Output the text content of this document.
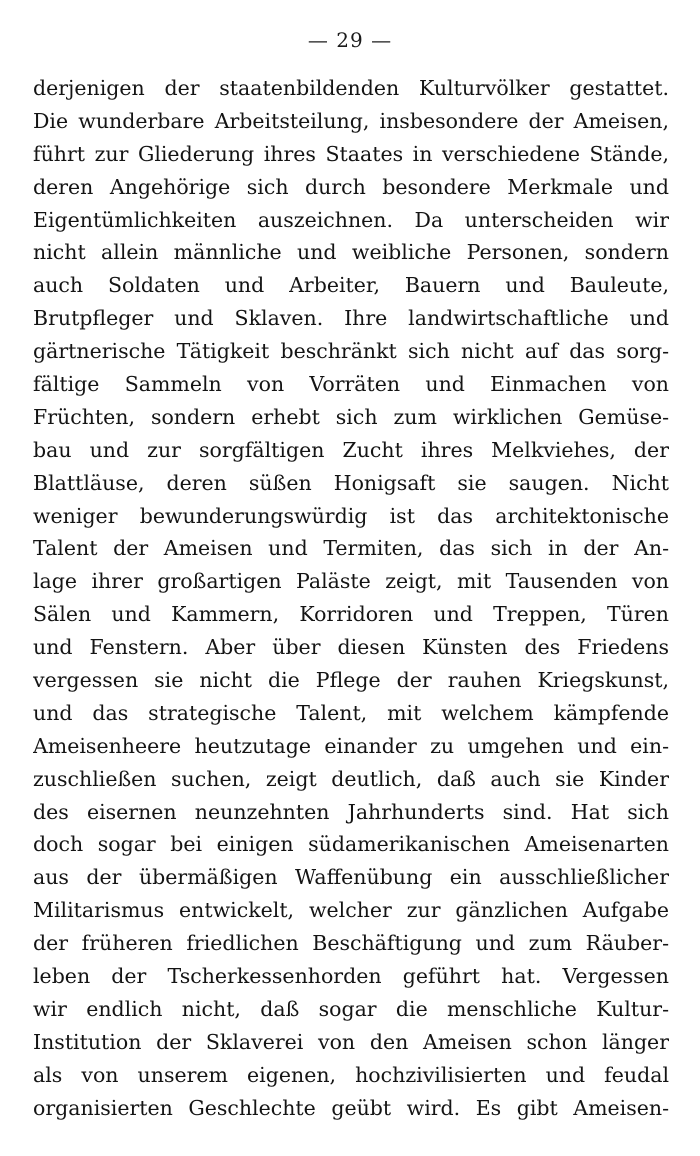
— 29 —
derjenigen der staatenbildenden Kulturvölker gestattet.
Die wunderbare Arbeitsteilung, insbesondere der Ameisen,
führt zur Gliederung ihres Staates in verschiedene Stände,
deren Angehörige sich durch besondere Merkmale und
Eigentümlichkeiten auszeichnen. Da unterscheiden wir
nicht allein männliche und weibliche Personen, sondern
auch Soldaten und Arbeiter, Bauern und Bauleute,
Brutpfleger und Sklaven. Ihre landwirtschaftliche und
gärtnerische Tätigkeit beschränkt sich nicht auf das sorg-
fältige Sammeln von Vorräten und Einmachen von
Früchten, sondern erhebt sich zum wirklichen Gemüse-
bau und zur sorgfältigen Zucht ihres Melkviehes, der
Blattläuse, deren süßen Honigsaft sie saugen. Nicht
weniger bewunderungswürdig ist das architektonische
Talent der Ameisen und Termiten, das sich in der An-
lage ihrer großartigen Paläste zeigt, mit Tausenden von
Sälen und Kammern, Korridoren und Treppen, Türen
und Fenstern. Aber über diesen Künsten des Friedens
vergessen sie nicht die Pflege der rauhen Kriegskunst,
und das strategische Talent, mit welchem kämpfende
Ameisenheere heutzutage einander zu umgehen und ein-
zuschließen suchen, zeigt deutlich, daß auch sie Kinder
des eisernen neunzehnten Jahrhunderts sind. Hat sich
doch sogar bei einigen südamerikanischen Ameisenarten
aus der übermäßigen Waffenübung ein ausschließlicher
Militarismus entwickelt, welcher zur gänzlichen Aufgabe
der früheren friedlichen Beschäftigung und zum Räuber-
leben der Tscherkessenhorden geführt hat. Vergessen
wir endlich nicht, daß sogar die menschliche Kultur-
Institution der Sklaverei von den Ameisen schon länger
als von unserem eigenen, hochzivilisierten und feudal
organisierten Geschlechte geübt wird. Es gibt Ameisen-
